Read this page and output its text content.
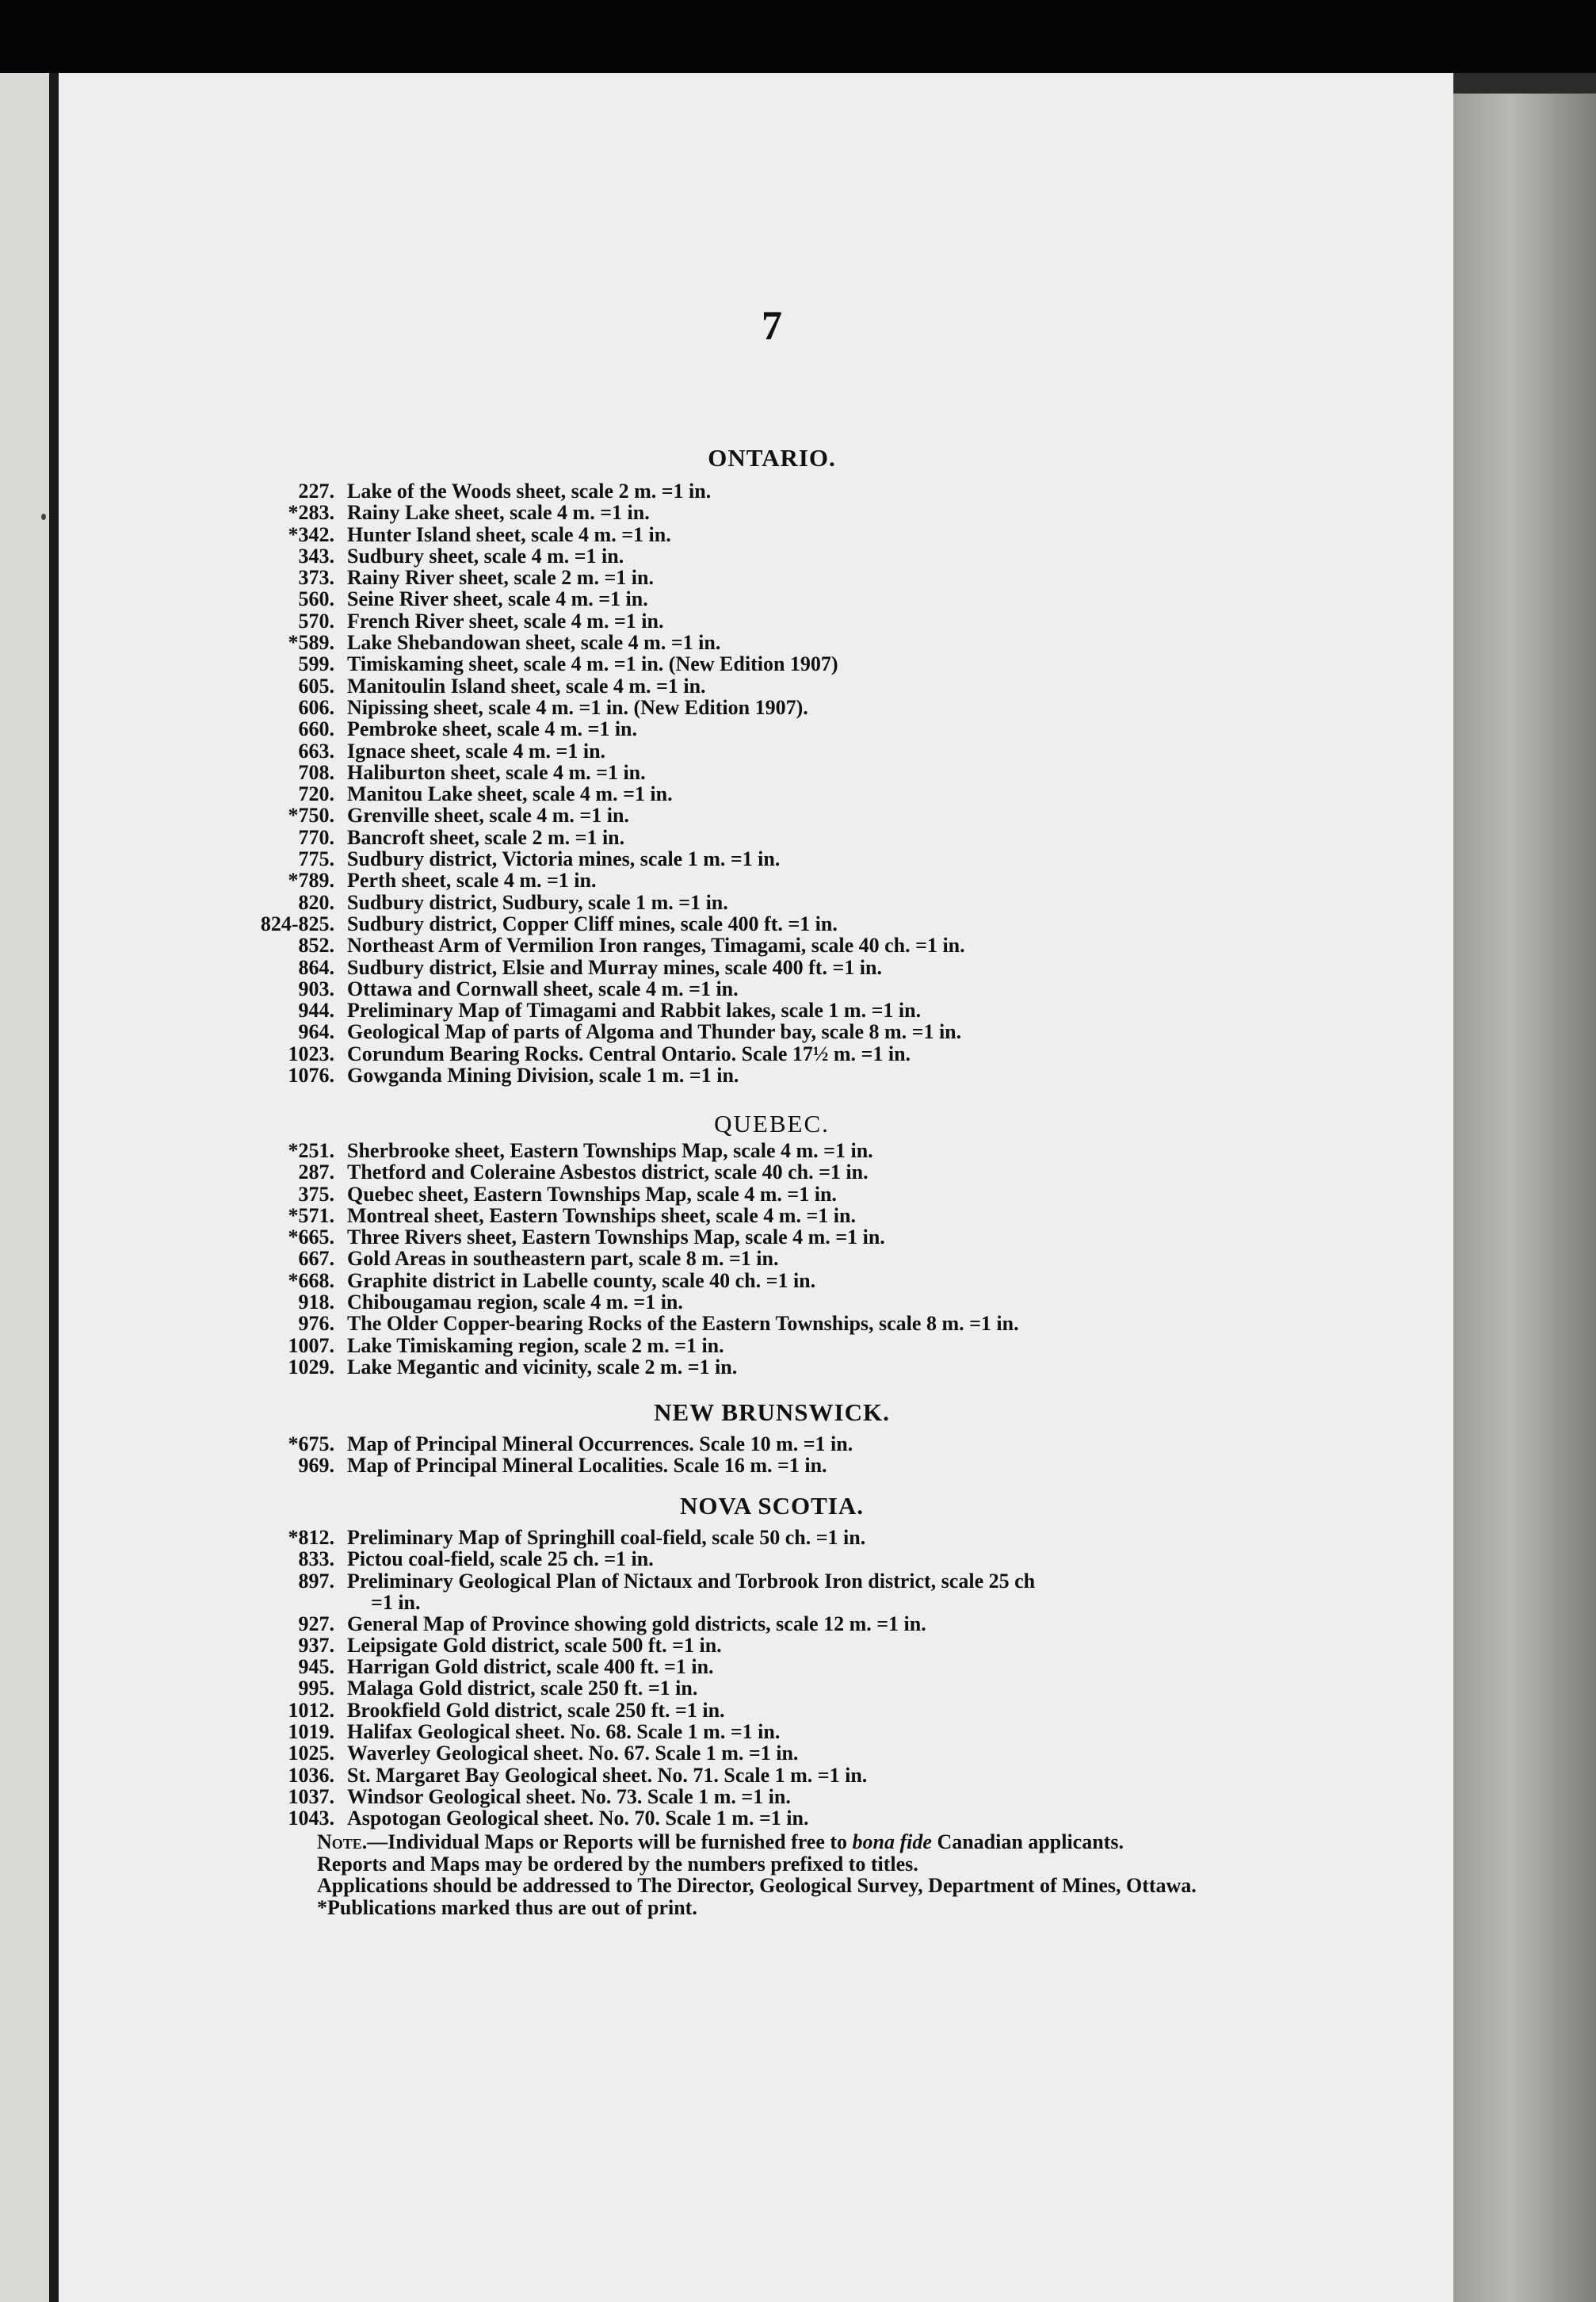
7
ONTARIO.
227. Lake of the Woods sheet, scale 2 m. =1 in.
*283. Rainy Lake sheet, scale 4 m. =1 in.
*342. Hunter Island sheet, scale 4 m. =1 in.
343. Sudbury sheet, scale 4 m. =1 in.
373. Rainy River sheet, scale 2 m. =1 in.
560. Seine River sheet, scale 4 m. =1 in.
570. French River sheet, scale 4 m. =1 in.
*589. Lake Shebandowan sheet, scale 4 m. =1 in.
599. Timiskaming sheet, scale 4 m. =1 in. (New Edition 1907)
605. Manitoulin Island sheet, scale 4 m. =1 in.
606. Nipissing sheet, scale 4 m. =1 in. (New Edition 1907).
660. Pembroke sheet, scale 4 m. =1 in.
663. Ignace sheet, scale 4 m. =1 in.
708. Haliburton sheet, scale 4 m. =1 in.
720. Manitou Lake sheet, scale 4 m. =1 in.
*750. Grenville sheet, scale 4 m. =1 in.
770. Bancroft sheet, scale 2 m. =1 in.
775. Sudbury district, Victoria mines, scale 1 m. =1 in.
*789. Perth sheet, scale 4 m. =1 in.
820. Sudbury district, Sudbury, scale 1 m. =1 in.
824-825. Sudbury district, Copper Cliff mines, scale 400 ft. =1 in.
852. Northeast Arm of Vermilion Iron ranges, Timagami, scale 40 ch. =1 in.
864. Sudbury district, Elsie and Murray mines, scale 400 ft. =1 in.
903. Ottawa and Cornwall sheet, scale 4 m. =1 in.
944. Preliminary Map of Timagami and Rabbit lakes, scale 1 m. =1 in.
964. Geological Map of parts of Algoma and Thunder bay, scale 8 m. =1 in.
1023. Corundum Bearing Rocks. Central Ontario. Scale 17½ m. =1 in.
1076. Gowganda Mining Division, scale 1 m. =1 in.
QUEBEC.
*251. Sherbrooke sheet, Eastern Townships Map, scale 4 m. =1 in.
287. Thetford and Coleraine Asbestos district, scale 40 ch. =1 in.
375. Quebec sheet, Eastern Townships Map, scale 4 m. =1 in.
*571. Montreal sheet, Eastern Townships sheet, scale 4 m. =1 in.
*665. Three Rivers sheet, Eastern Townships Map, scale 4 m. =1 in.
667. Gold Areas in southeastern part, scale 8 m. =1 in.
*668. Graphite district in Labelle county, scale 40 ch. =1 in.
918. Chibougamau region, scale 4 m. =1 in.
976. The Older Copper-bearing Rocks of the Eastern Townships, scale 8 m. =1 in.
1007. Lake Timiskaming region, scale 2 m. =1 in.
1029. Lake Megantic and vicinity, scale 2 m. =1 in.
NEW BRUNSWICK.
*675. Map of Principal Mineral Occurrences. Scale 10 m. =1 in.
969. Map of Principal Mineral Localities. Scale 16 m. =1 in.
NOVA SCOTIA.
*812. Preliminary Map of Springhill coal-field, scale 50 ch. =1 in.
833. Pictou coal-field, scale 25 ch. =1 in.
897. Preliminary Geological Plan of Nictaux and Torbrook Iron district, scale 25 ch
=1 in.
927. General Map of Province showing gold districts, scale 12 m. =1 in.
937. Leipsigate Gold district, scale 500 ft. =1 in.
945. Harrigan Gold district, scale 400 ft. =1 in.
995. Malaga Gold district, scale 250 ft. =1 in.
1012. Brookfield Gold district, scale 250 ft. =1 in.
1019. Halifax Geological sheet. No. 68. Scale 1 m. =1 in.
1025. Waverley Geological sheet. No. 67. Scale 1 m. =1 in.
1036. St. Margaret Bay Geological sheet. No. 71. Scale 1 m. =1 in.
1037. Windsor Geological sheet. No. 73. Scale 1 m. =1 in.
1043. Aspotogan Geological sheet. No. 70. Scale 1 m. =1 in.

Note.—Individual Maps or Reports will be furnished free to bona fide Canadian applicants.

Reports and Maps may be ordered by the numbers prefixed to titles.

Applications should be addressed to The Director, Geological Survey, Department of Mines, Ottawa.

*Publications marked thus are out of print.
